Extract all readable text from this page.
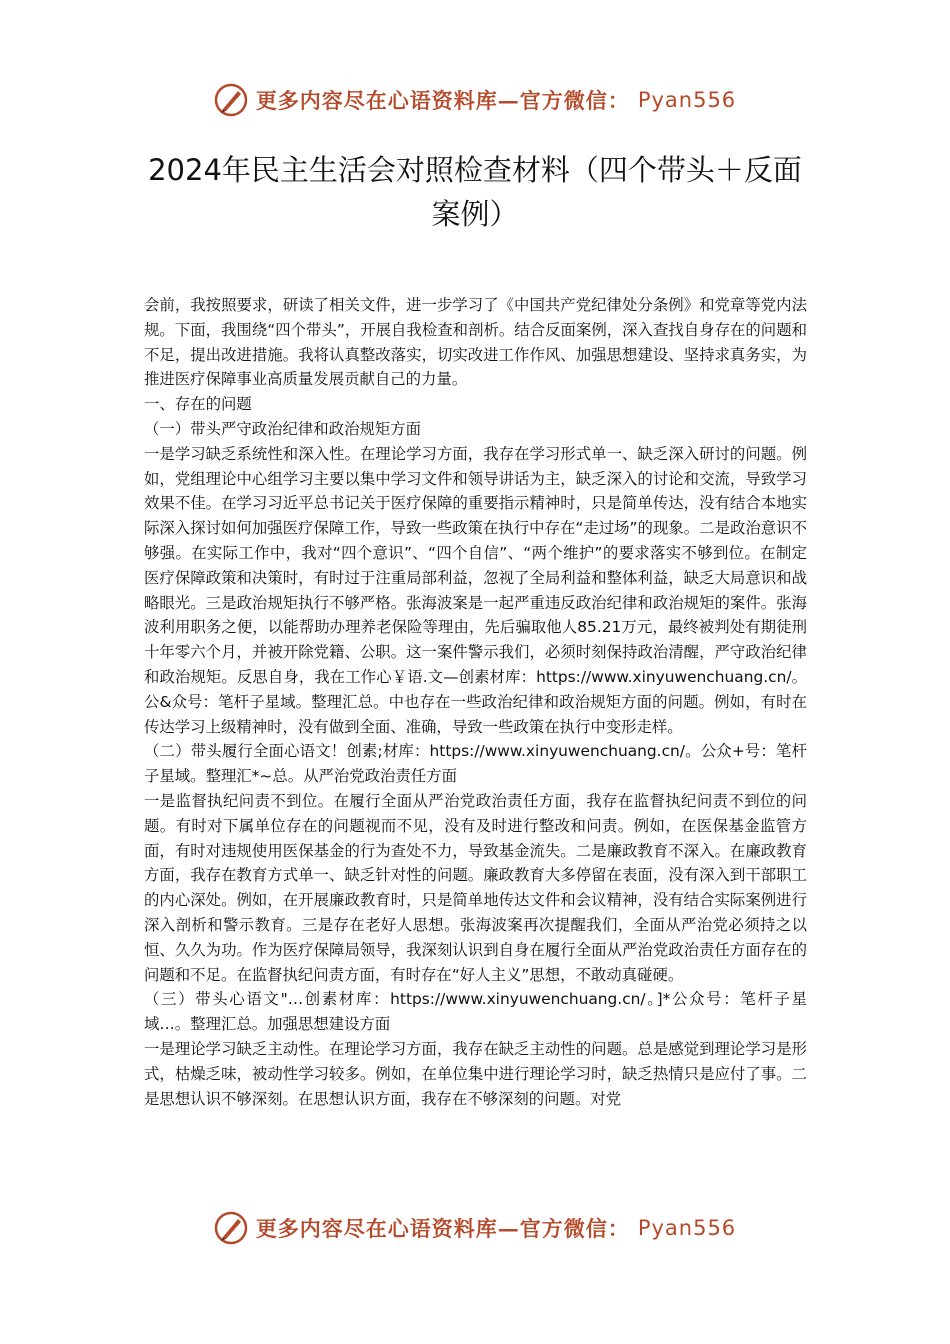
更多内容尽在心语资料库—官方微信： Pyan556
2024年民主生活会对照检查材料（四个带头＋反面案例）

会前，我按照要求，研读了相关文件，进一步学习了《中国共产党纪律处分条例》和党章等党内法规。下面，我围绕“四个带头”，开展自我检查和剖析。结合反面案例，深入查找自身存在的问题和不足，提出改进措施。我将认真整改落实，切实改进工作作风、加强思想建设、坚持求真务实，为推进医疗保障事业高质量发展贡献自己的力量。

一、存在的问题

（一）带头严守政治纪律和政治规矩方面

一是学习缺乏系统性和深入性。在理论学习方面，我存在学习形式单一、缺乏深入研讨的问题。例如，党组理论中心组学习主要以集中学习文件和领导讲话为主，缺乏深入的讨论和交流，导致学习效果不佳。在学习习近平总书记关于医疗保障的重要指示精神时，只是简单传达，没有结合本地实际深入探讨如何加强医疗保障工作，导致一些政策在执行中存在“走过场”的现象。二是政治意识不够强。在实际工作中，我对“四个意识”、“四个自信”、“两个维护”的要求落实不够到位。在制定医疗保障政策和决策时，有时过于注重局部利益，忽视了全局利益和整体利益，缺乏大局意识和战略眼光。三是政治规矩执行不够严格。张海波案是一起严重违反政治纪律和政治规矩的案件。张海波利用职务之便，以能帮助办理养老保险等理由，先后骗取他人85.21万元，最终被判处有期徒刑十年零六个月，并被开除党籍、公职。这一案件警示我们，必须时刻保持政治清醒，严守政治纪律和政治规矩。反思自身，我在工作心￥语.文—创素材库：https://www.xinyuwenchuang.cn/。公&众号：笔杆子星域。整理汇总。中也存在一些政治纪律和政治规矩方面的问题。例如，有时在传达学习上级精神时，没有做到全面、准确，导致一些政策在执行中变形走样。

（二）带头履行全面心语文！创素;材库：https://www.xinyuwenchuang.cn/。公众+号：笔杆子星域。整理汇*~总。从严治党政治责任方面

一是监督执纪问责不到位。在履行全面从严治党政治责任方面，我存在监督执纪问责不到位的问题。有时对下属单位存在的问题视而不见，没有及时进行整改和问责。例如，在医保基金监管方面，有时对违规使用医保基金的行为查处不力，导致基金流失。二是廉政教育不深入。在廉政教育方面，我存在教育方式单一、缺乏针对性的问题。廉政教育大多停留在表面，没有深入到干部职工的内心深处。例如，在开展廉政教育时，只是简单地传达文件和会议精神，没有结合实际案例进行深入剖析和警示教育。三是存在老好人思想。张海波案再次提醒我们，全面从严治党必须持之以恒、久久为功。作为医疗保障局领导，我深刻认识到自身在履行全面从严治党政治责任方面存在的问题和不足。在监督执纪问责方面，有时存在“好人主义”思想，不敢动真碰硬。

（三）带头心语文"…创素材库：https://www.xinyuwenchuang.cn/。]*公众号：笔杆子星域…。整理汇总。加强思想建设方面

一是理论学习缺乏主动性。在理论学习方面，我存在缺乏主动性的问题。总是感觉到理论学习是形式，枯燥乏味，被动性学习较多。例如，在单位集中进行理论学习时，缺乏热情只是应付了事。二是思想认识不够深刻。在思想认识方面，我存在不够深刻的问题。对党

更多内容尽在心语资料库—官方微信： Pyan556
